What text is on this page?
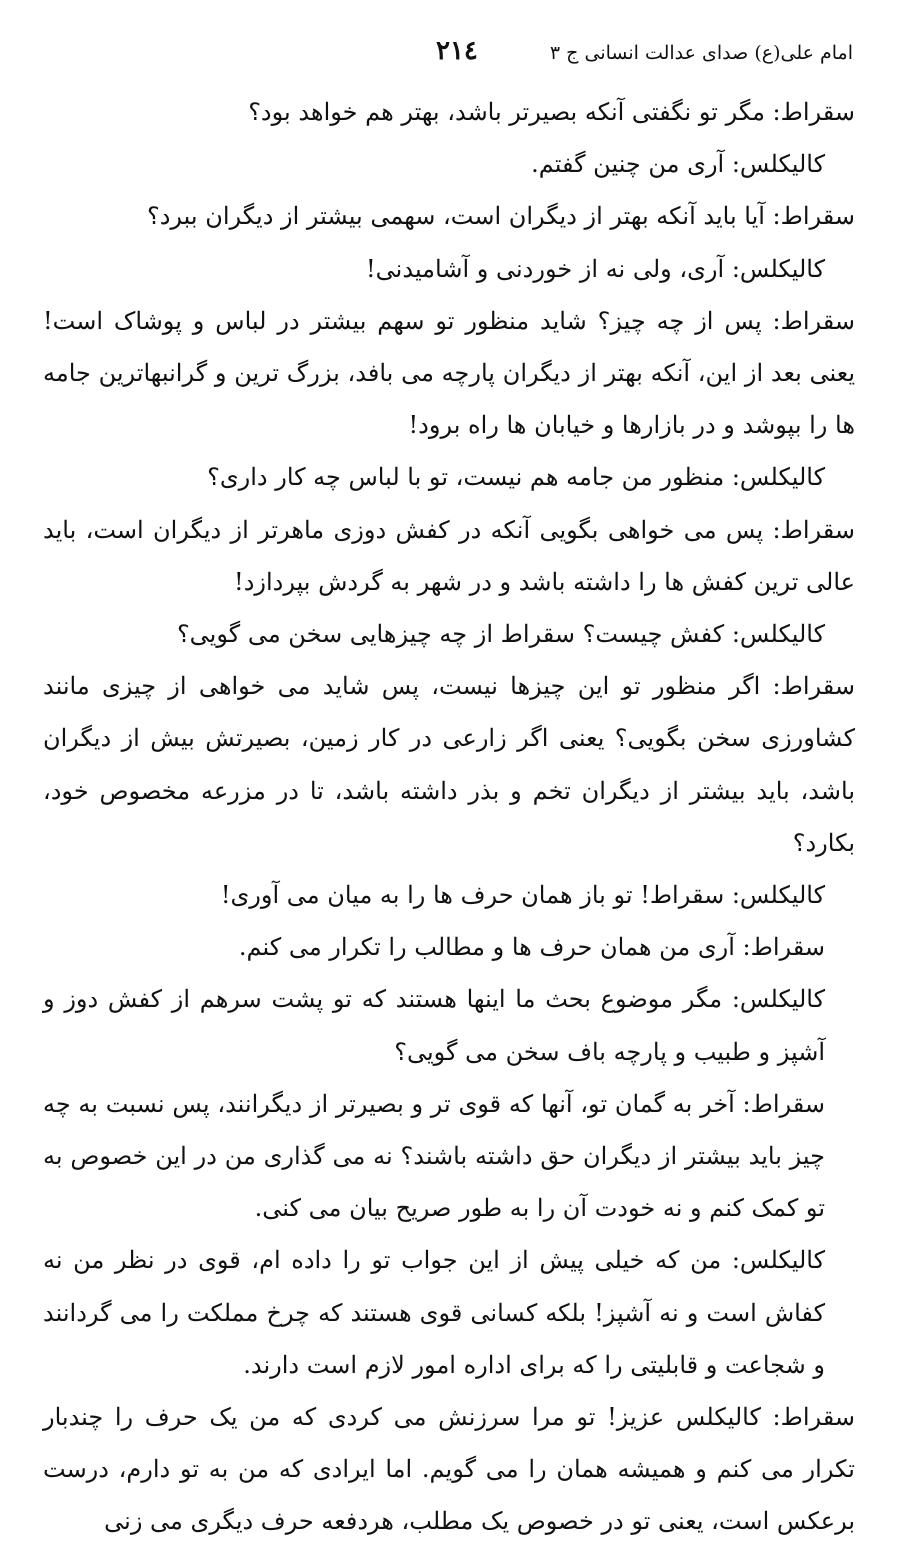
امام علی(ع) صدای عدالت انسانی ج ٣
٢١٤

سقراط: مگر تو نگفتی آنکه بصیرتر باشد، بهتر هم خواهد بود؟

کالیکلس: آری من چنین گفتم.

سقراط: آیا باید آنکه بهتر از دیگران است، سهمی بیشتر از دیگران ببرد؟

کالیکلس: آری، ولی نه از خوردنی و آشامیدنی!

سقراط: پس از چه چیز؟ شاید منظور تو سهم بیشتر در لباس و پوشاک است! یعنی بعد از این، آنکه بهتر از دیگران پارچه می بافد، بزرگ ترین و گرانبهاترین جامه ها را بپوشد و در بازارها و خیابان ها راه برود!

کالیکلس: منظور من جامه هم نیست، تو با لباس چه کار داری؟

سقراط: پس می خواهی بگویی آنکه در کفش دوزی ماهرتر از دیگران است، باید عالی ترین کفش ها را داشته باشد و در شهر به گردش بپردازد!

کالیکلس: کفش چیست؟ سقراط از چه چیزهایی سخن می گویی؟

سقراط: اگر منظور تو این چیزها نیست، پس شاید می خواهی از چیزی مانند کشاورزی سخن بگویی؟ یعنی اگر زارعی در کار زمین، بصیرتش بیش از دیگران باشد، باید بیشتر از دیگران تخم و بذر داشته باشد، تا در مزرعه مخصوص خود، بکارد؟

کالیکلس: سقراط! تو باز همان حرف ها را به میان می آوری!

سقراط: آری من همان حرف ها و مطالب را تکرار می کنم.

کالیکلس: مگر موضوع بحث ما اینها هستند که تو پشت سرهم از کفش دوز و آشپز و طبیب و پارچه باف سخن می گویی؟

سقراط: آخر به گمان تو، آنها که قوی تر و بصیرتر از دیگرانند، پس نسبت به چه چیز باید بیشتر از دیگران حق داشته باشند؟ نه می گذاری من در این خصوص به تو کمک کنم و نه خودت آن را به طور صریح بیان می کنی.

کالیکلس: من که خیلی پیش از این جواب تو را داده ام، قوی در نظر من نه کفاش است و نه آشپز! بلکه کسانی قوی هستند که چرخ مملکت را می گردانند و شجاعت و قابلیتی را که برای اداره امور لازم است دارند.

سقراط: کالیکلس عزیز! تو مرا سرزنش می کردی که من یک حرف را چندبار تکرار می کنم و همیشه همان را می گویم. اما ایرادی که من به تو دارم، درست برعکس است، یعنی تو در خصوص یک مطلب، هردفعه حرف دیگری می زنی
